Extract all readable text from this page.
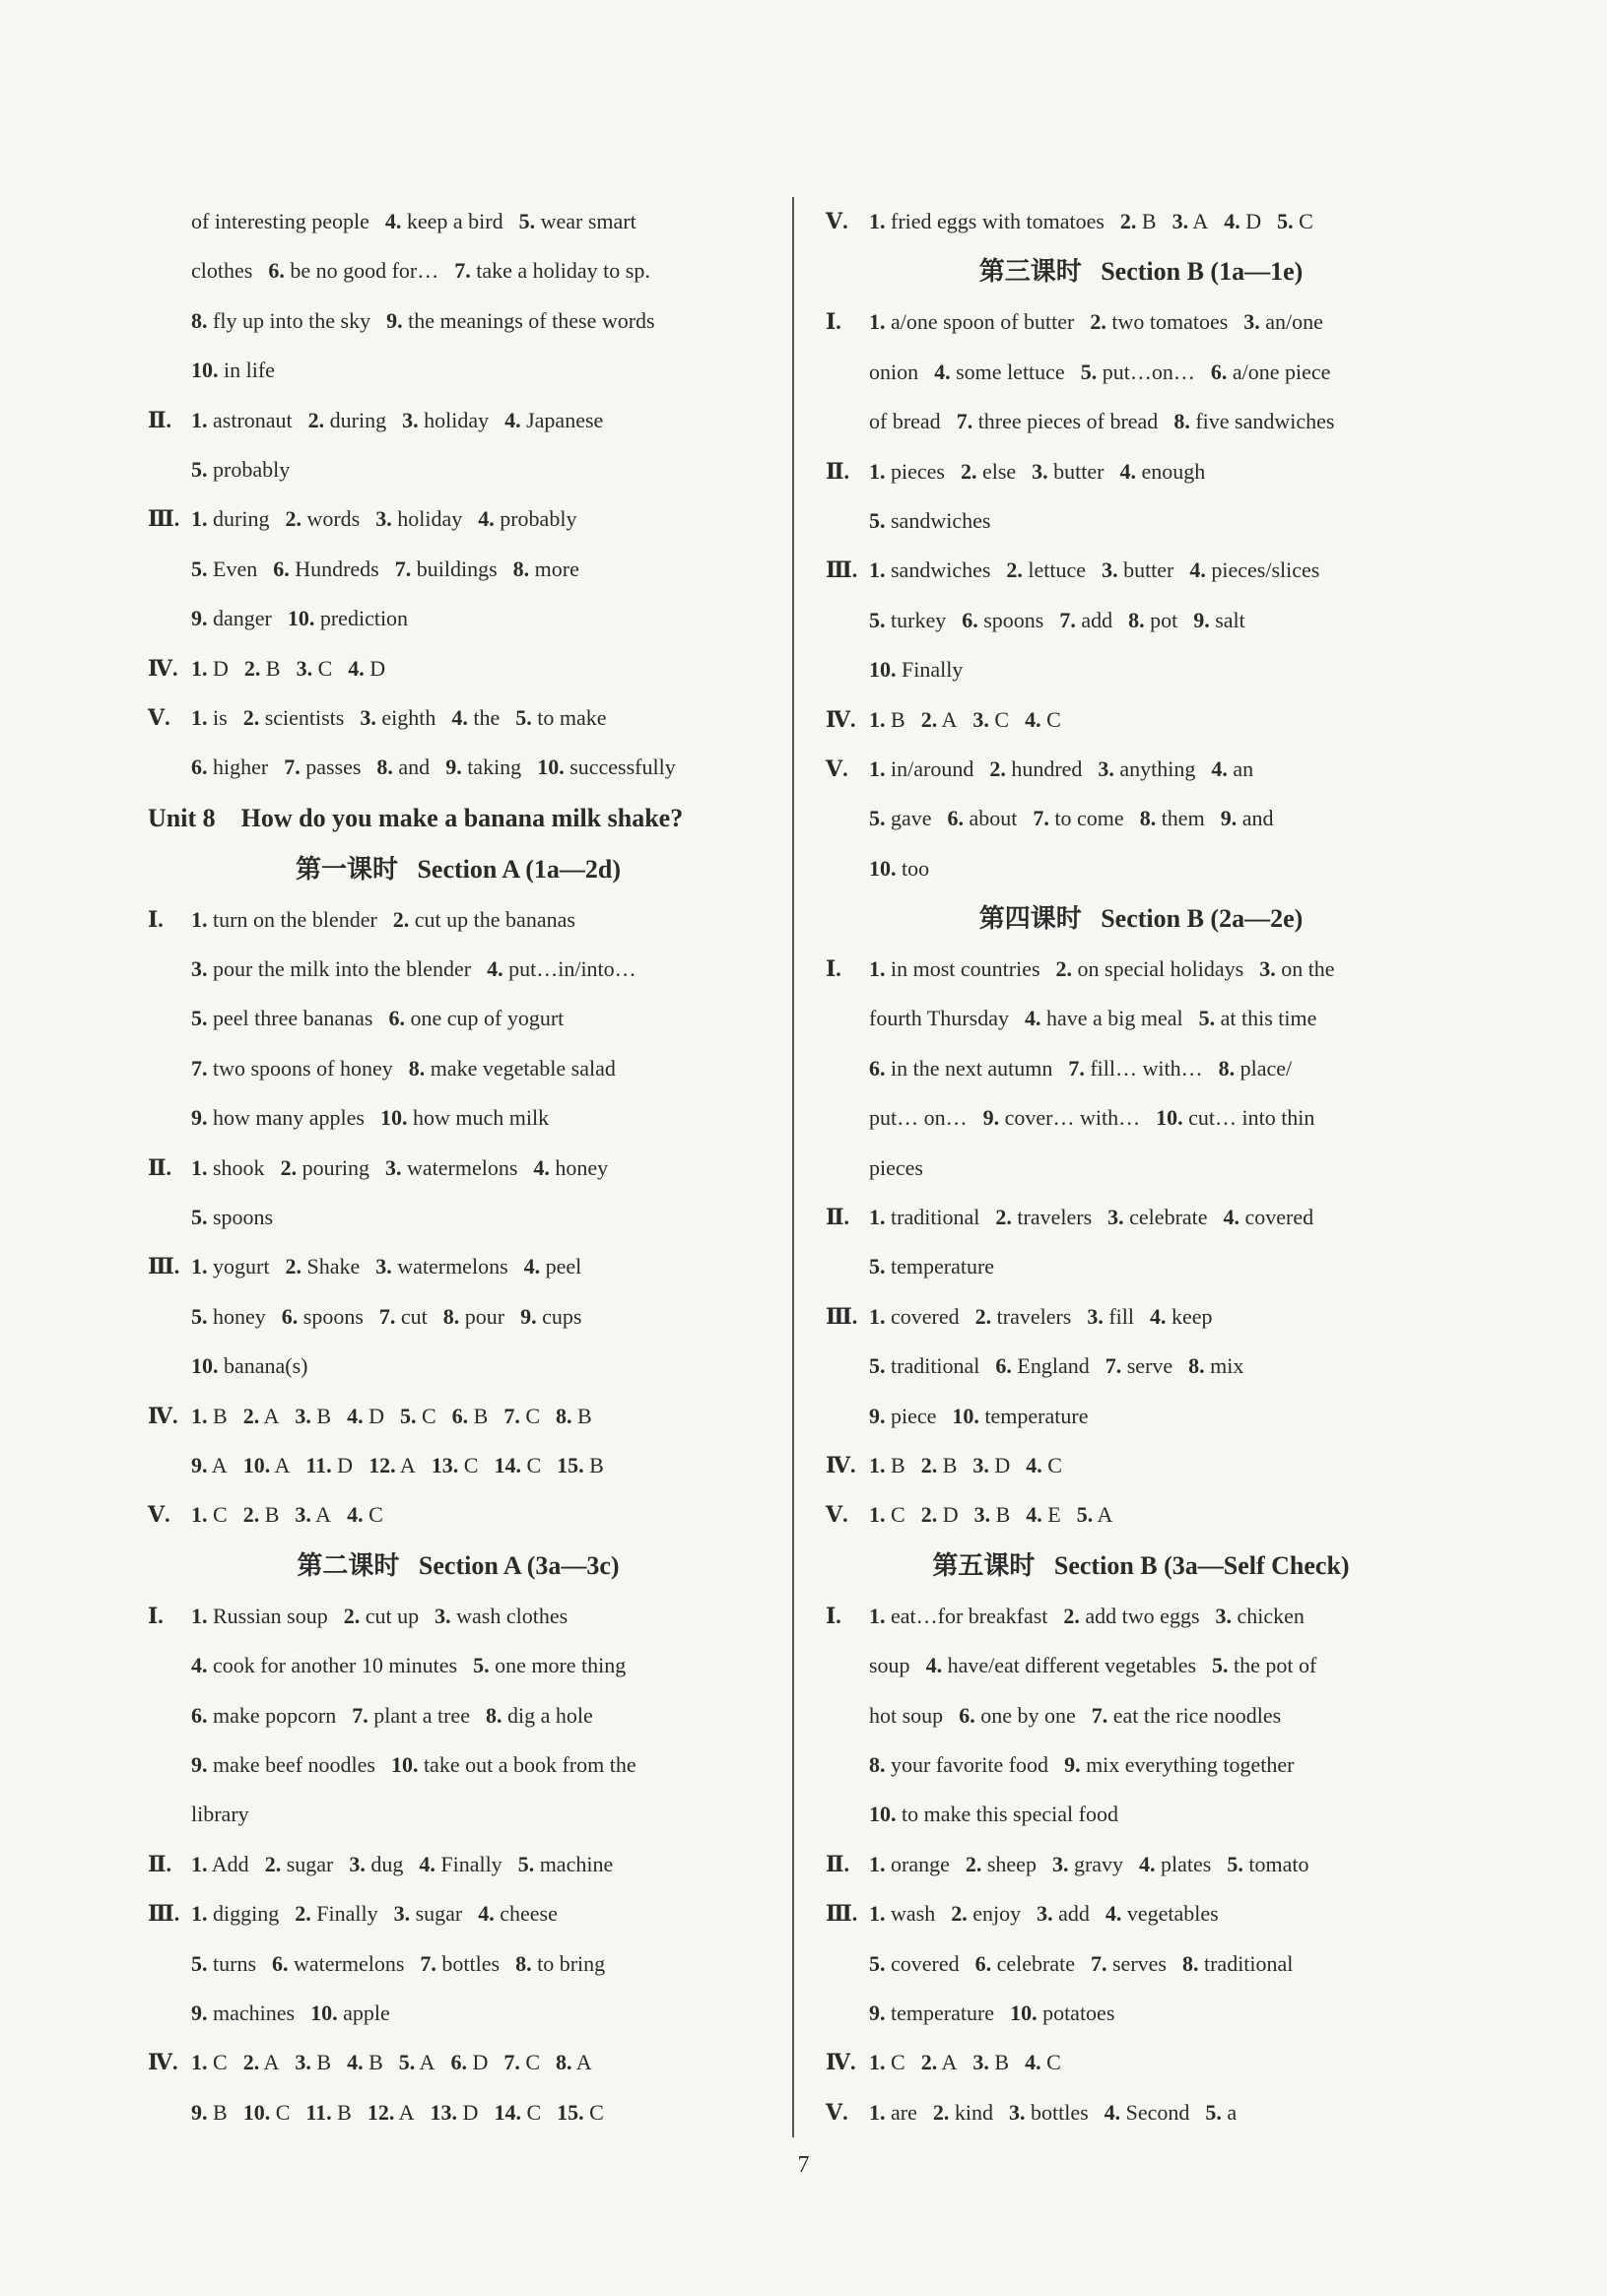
of interesting people 4. keep a bird 5. wear smart
clothes 6. be no good for… 7. take a holiday to sp.
8. fly up into the sky 9. the meanings of these words
10. in life
Ⅱ. 1. astronaut 2. during 3. holiday 4. Japanese
5. probably
Ⅲ. 1. during 2. words 3. holiday 4. probably
5. Even 6. Hundreds 7. buildings 8. more
9. danger 10. prediction
Ⅳ. 1. D 2. B 3. C 4. D
Ⅴ. 1. is 2. scientists 3. eighth 4. the 5. to make
6. higher 7. passes 8. and 9. taking 10. successfully
Unit 8    How do you make a banana milk shake?
第一课时   Section A (1a—2d)
Ⅰ.	1. turn on the blender 2. cut up the bananas
3. pour the milk into the blender 4. put…in/into…
5. peel three bananas 6. one cup of yogurt
7. two spoons of honey 8. make vegetable salad
9. how many apples 10. how much milk
Ⅱ. 1. shook 2. pouring 3. watermelons 4. honey
5. spoons
Ⅲ. 1. yogurt 2. Shake 3. watermelons 4. peel
5. honey 6. spoons 7. cut 8. pour 9. cups
10. banana(s)
Ⅳ. 1. B 2. A 3. B 4. D 5. C 6. B 7. C 8. B
9. A 10. A 11. D 12. A 13. C 14. C 15. B
Ⅴ. 1. C 2. B 3. A 4. C
第二课时   Section A (3a—3c)
Ⅰ.	1. Russian soup 2. cut up 3. wash clothes
4. cook for another 10 minutes 5. one more thing
6. make popcorn 7. plant a tree 8. dig a hole
9. make beef noodles 10. take out a book from the
library
Ⅱ. 1. Add 2. sugar 3. dug 4. Finally 5. machine
Ⅲ. 1. digging 2. Finally 3. sugar 4. cheese
5. turns 6. watermelons 7. bottles 8. to bring
9. machines 10. apple
Ⅳ. 1. C 2. A 3. B 4. B 5. A 6. D 7. C 8. A
9. B 10. C 11. B 12. A 13. D 14. C 15. C
Ⅴ. 1. fried eggs with tomatoes 2. B 3. A 4. D 5. C
第三课时   Section B (1a—1e)
Ⅰ.	1. a/one spoon of butter 2. two tomatoes 3. an/one
onion 4. some lettuce 5. put…on… 6. a/one piece
of bread 7. three pieces of bread 8. five sandwiches
Ⅱ. 1. pieces 2. else 3. butter 4. enough
5. sandwiches
Ⅲ. 1. sandwiches 2. lettuce 3. butter 4. pieces/slices
5. turkey 6. spoons 7. add 8. pot 9. salt
10. Finally
Ⅳ. 1. B 2. A 3. C 4. C
Ⅴ. 1. in/around 2. hundred 3. anything 4. an
5. gave 6. about 7. to come 8. them 9. and
10. too
第四课时   Section B (2a—2e)
Ⅰ.	1. in most countries 2. on special holidays 3. on the
fourth Thursday 4. have a big meal 5. at this time
6. in the next autumn 7. fill… with… 8. place/
put… on… 9. cover… with… 10. cut… into thin
pieces
Ⅱ. 1. traditional 2. travelers 3. celebrate 4. covered
5. temperature
Ⅲ. 1. covered 2. travelers 3. fill 4. keep
5. traditional 6. England 7. serve 8. mix
9. piece 10. temperature
Ⅳ. 1. B 2. B 3. D 4. C
Ⅴ. 1. C 2. D 3. B 4. E 5. A
第五课时   Section B (3a—Self Check)
Ⅰ.	1. eat…for breakfast 2. add two eggs 3. chicken
soup 4. have/eat different vegetables 5. the pot of
hot soup 6. one by one 7. eat the rice noodles
8. your favorite food 9. mix everything together
10. to make this special food
Ⅱ. 1. orange 2. sheep 3. gravy 4. plates 5. tomato
Ⅲ. 1. wash 2. enjoy 3. add 4. vegetables
5. covered 6. celebrate 7. serves 8. traditional
9. temperature 10. potatoes
Ⅳ. 1. C 2. A 3. B 4. C
Ⅴ. 1. are 2. kind 3. bottles 4. Second 5. a
7
